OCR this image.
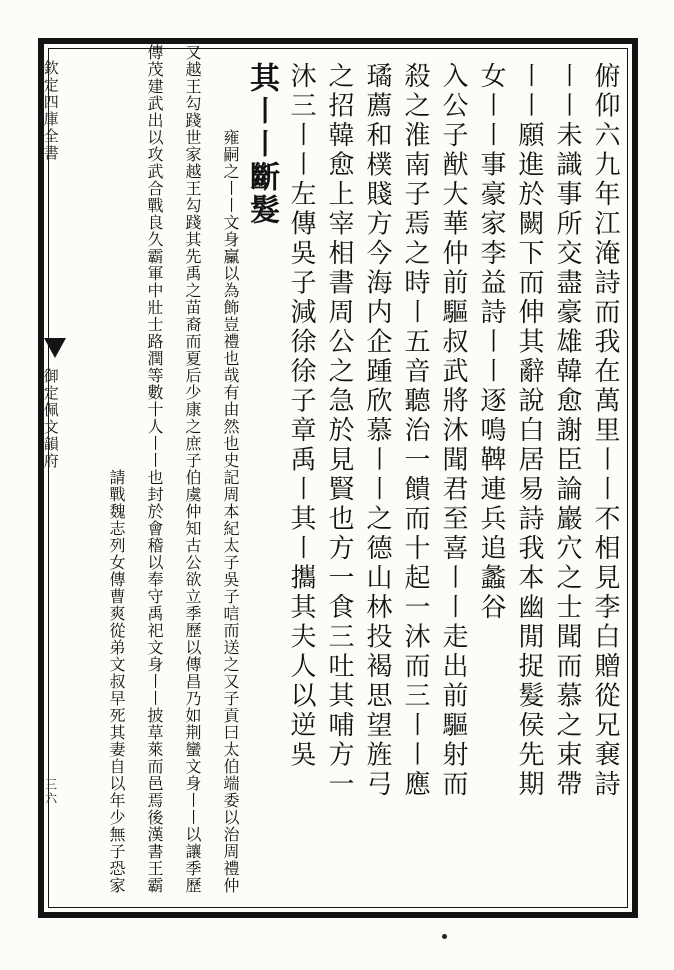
欽定四庫全書
御定佩文韻府
三六	俯仰六九年江淹詩而我在萬里〡〡不相見李白贈從兄㐮詩
〡〡未識事所交盡豪雄韓愈謝臣論巖穴之士聞而慕之束帶
〡〡願進於闕下而伸其辭說白居易詩我本幽閒捉髮侯先期
女〡〡事豪家李益詩〡〡逐鳴鞞連兵追蠡谷
入公子猷大華仲前驅叔武將沐聞君至喜〡〡走出前驅射而
殺之淮南子焉之時〡五音聽治一饋而十起一沐而三〡〡應
璚薦和樸賤方今海内企踵欣慕〡〡之德山林投褐思望旌弓
之招韓愈上宰相書周公之急於見賢也方一食三吐其哺方一
沐三〡〡左傳吳子減徐徐子章禹〡其〡攜其夫人以逆吳
其〡〡斷髮
子吳子唁而送之又子貢曰太伯端委以治周禮仲
雍嗣之〡〡文身臝以為飾豈禮也哉有由然也史記周本紀太
伯虞仲知古公欲立季歷以傳昌乃如荆蠻文身〡〡以讓季歷
又越王勾踐世家越王勾踐其先禹之苗裔而夏后少康之庶子
也封於會稽以奉守禹祀文身〡〡披草萊而邑焉後漢書王霸
傳茂建武出以攻武合戰良久霸軍中壯士路潤等數十人〡〡
請戰魏志列女傳曹爽從弟文叔早死其妻自以年少無子恐家
